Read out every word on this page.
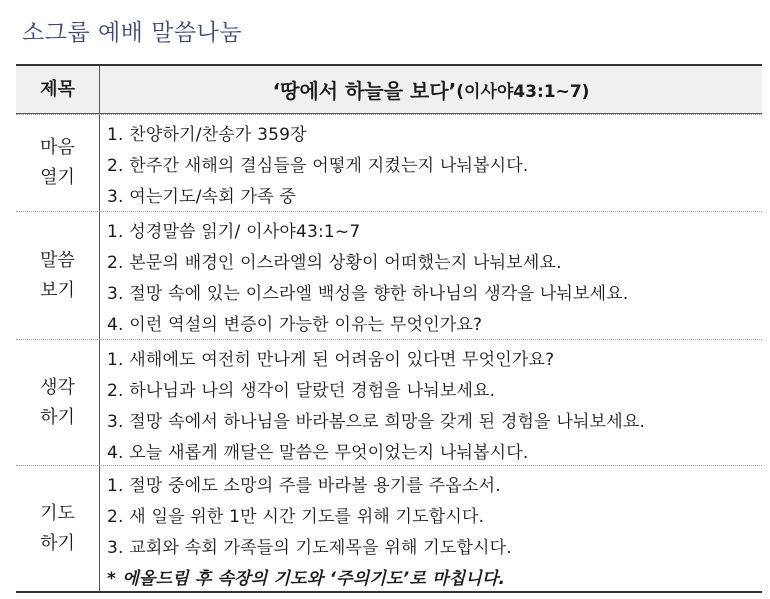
소그룹 예배 말씀나눔
제목	‘땅에서 하늘을 보다’ (이사야43:1~7)
마음
열기
1. 찬양하기/찬송가 359장
2. 한주간 새해의 결심들을 어떻게 지켰는지 나눠봅시다.
3. 여는기도/속회 가족 중
말씀
보기
1. 성경말씀 읽기/ 이사야43:1~7
2. 본문의 배경인 이스라엘의 상황이 어떠했는지 나눠보세요.
3. 절망 속에 있는 이스라엘 백성을 향한 하나님의 생각을 나눠보세요.
4. 이런 역설의 변증이 가능한 이유는 무엇인가요?
생각
하기
1. 새해에도 여전히 만나게 된 어려움이 있다면 무엇인가요?
2. 하나님과 나의 생각이 달랐던 경험을 나눠보세요.
3. 절망 속에서 하나님을 바라봄으로 희망을 갖게 된 경험을 나눠보세요.
4. 오늘 새롭게 깨달은 말씀은 무엇이었는지 나눠봅시다.
기도
하기
1. 절망 중에도 소망의 주를 바라볼 용기를 주옵소서.
2. 새 일을 위한 1만 시간 기도를 위해 기도합시다.
3. 교회와 속회 가족들의 기도제목을 위해 기도합시다.
* 에올드림 후 속장의 기도와 ‘주의기도’로 마칩니다.
